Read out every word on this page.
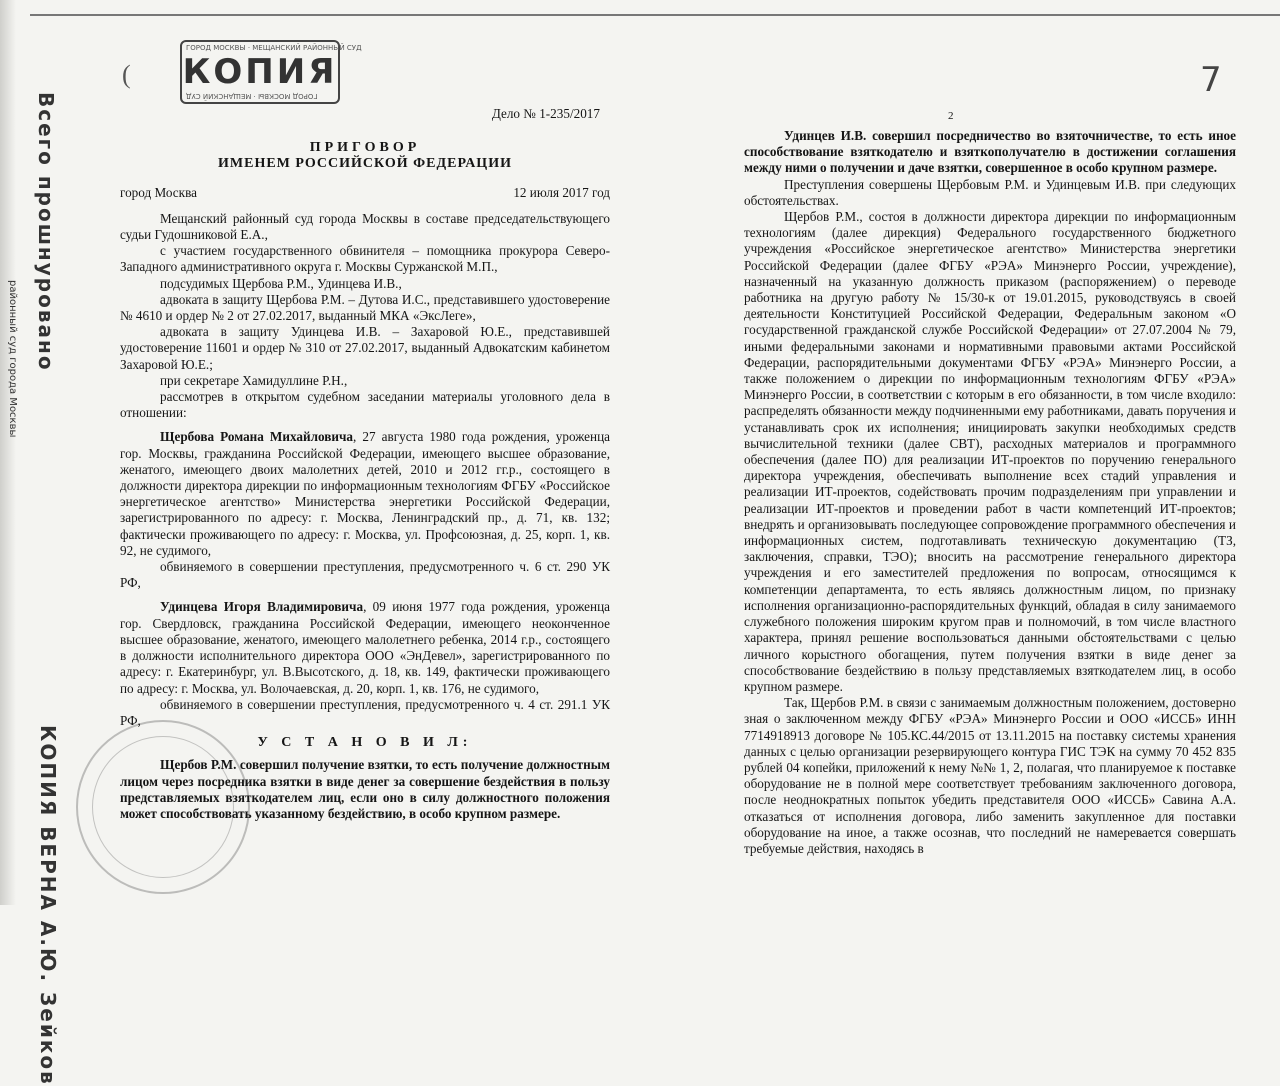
районный суд города Москвы Всего прошнуровано
КОПИЯ ВЕРНА А.Ю. Зейков
(
ГОРОД МОСКВЫ · МЕЩАНСКИЙ РАЙОННЫЙ СУД
КОПИЯ
ГОРОД МОСКВЫ · МЕЩАНСКИЙ СУД	7
2

Дело № 1-235/2017

ПРИГОВОР

ИМЕНЕМ РОССИЙСКОЙ ФЕДЕРАЦИИ

город Москва	12 июля 2017 год

Мещанский районный суд города Москвы в составе председательствующего судьи Гудошниковой Е.А.,

с участием государственного обвинителя – помощника прокурора Северо-Западного административного округа г. Москвы Суржанской М.П.,

подсудимых Щербова Р.М., Удинцева И.В.,

адвоката в защиту Щербова Р.М. – Дутова И.С., представившего удостоверение № 4610 и ордер № 2 от 27.02.2017, выданный МКА «ЭксЛеге»,

адвоката в защиту Удинцева И.В. – Захаровой Ю.Е., представившей удостоверение 11601 и ордер № 310 от 27.02.2017, выданный Адвокатским кабинетом Захаровой Ю.Е.;

при секретаре Хамидуллине Р.Н.,

рассмотрев в открытом судебном заседании материалы уголовного дела в отношении:

Щербова Романа Михайловича, 27 августа 1980 года рождения, уроженца гор. Москвы, гражданина Российской Федерации, имеющего высшее образование, женатого, имеющего двоих малолетних детей, 2010 и 2012 гг.р., состоящего в должности директора дирекции по информационным технологиям ФГБУ «Российское энергетическое агентство» Министерства энергетики Российской Федерации, зарегистрированного по адресу: г. Москва, Ленинградский пр., д. 71, кв. 132; фактически проживающего по адресу: г. Москва, ул. Профсоюзная, д. 25, корп. 1, кв. 92, не судимого,

обвиняемого в совершении преступления, предусмотренного ч. 6 ст. 290 УК РФ,

Удинцева Игоря Владимировича, 09 июня 1977 года рождения, уроженца гор. Свердловск, гражданина Российской Федерации, имеющего неоконченное высшее образование, женатого, имеющего малолетнего ребенка, 2014 г.р., состоящего в должности исполнительного директора ООО «ЭнДевел», зарегистрированного по адресу: г. Екатеринбург, ул. В.Высотского, д. 18, кв. 149, фактически проживающего по адресу: г. Москва, ул. Волочаевская, д. 20, корп. 1, кв. 176, не судимого,

обвиняемого в совершении преступления, предусмотренного ч. 4 ст. 291.1 УК РФ,

У С Т А Н О В И Л:

Щербов Р.М. совершил получение взятки, то есть получение должностным лицом через посредника взятки в виде денег за совершение бездействия в пользу представляемых взяткодателем лиц, если оно в силу должностного положения может способствовать указанному бездействию, в особо крупном размере.

Удинцев И.В. совершил посредничество во взяточничестве, то есть иное способствование взяткодателю и взяткополучателю в достижении соглашения между ними о получении и даче взятки, совершенное в особо крупном размере.

Преступления совершены Щербовым Р.М. и Удинцевым И.В. при следующих обстоятельствах.

Щербов Р.М., состоя в должности директора дирекции по информационным технологиям (далее дирекция) Федерального государственного бюджетного учреждения «Российское энергетическое агентство» Министерства энергетики Российской Федерации (далее ФГБУ «РЭА» Минэнерго России, учреждение), назначенный на указанную должность приказом (распоряжением) о переводе работника на другую работу № 15/30-к от 19.01.2015, руководствуясь в своей деятельности Конституцией Российской Федерации, Федеральным законом «О государственной гражданской службе Российской Федерации» от 27.07.2004 № 79, иными федеральными законами и нормативными правовыми актами Российской Федерации, распорядительными документами ФГБУ «РЭА» Минэнерго России, а также положением о дирекции по информационным технологиям ФГБУ «РЭА» Минэнерго России, в соответствии с которым в его обязанности, в том числе входило: распределять обязанности между подчиненными ему работниками, давать поручения и устанавливать срок их исполнения; инициировать закупки необходимых средств вычислительной техники (далее СВТ), расходных материалов и программного обеспечения (далее ПО) для реализации ИТ-проектов по поручению генерального директора учреждения, обеспечивать выполнение всех стадий управления и реализации ИТ-проектов, содействовать прочим подразделениям при управлении и реализации ИТ-проектов и проведении работ в части компетенций ИТ-проектов; внедрять и организовывать последующее сопровождение программного обеспечения и информационных систем, подготавливать техническую документацию (ТЗ, заключения, справки, ТЭО); вносить на рассмотрение генерального директора учреждения и его заместителей предложения по вопросам, относящимся к компетенции департамента, то есть являясь должностным лицом, по признаку исполнения организационно-распорядительных функций, обладая в силу занимаемого служебного положения широким кругом прав и полномочий, в том числе властного характера, принял решение воспользоваться данными обстоятельствами с целью личного корыстного обогащения, путем получения взятки в виде денег за способствование бездействию в пользу представляемых взяткодателем лиц, в особо крупном размере.

Так, Щербов Р.М. в связи с занимаемым должностным положением, достоверно зная о заключенном между ФГБУ «РЭА» Минэнерго России и ООО «ИССБ» ИНН 7714918913 договоре № 105.КС.44/2015 от 13.11.2015 на поставку системы хранения данных с целью организации резервирующего контура ГИС ТЭК на сумму 70 452 835 рублей 04 копейки, приложений к нему №№ 1, 2, полагая, что планируемое к поставке оборудование не в полной мере соответствует требованиям заключенного договора, после неоднократных попыток убедить представителя ООО «ИССБ» Савина А.А. отказаться от исполнения договора, либо заменить закупленное для поставки оборудование на иное, а также осознав, что последний не намеревается совершать требуемые действия, находясь в
